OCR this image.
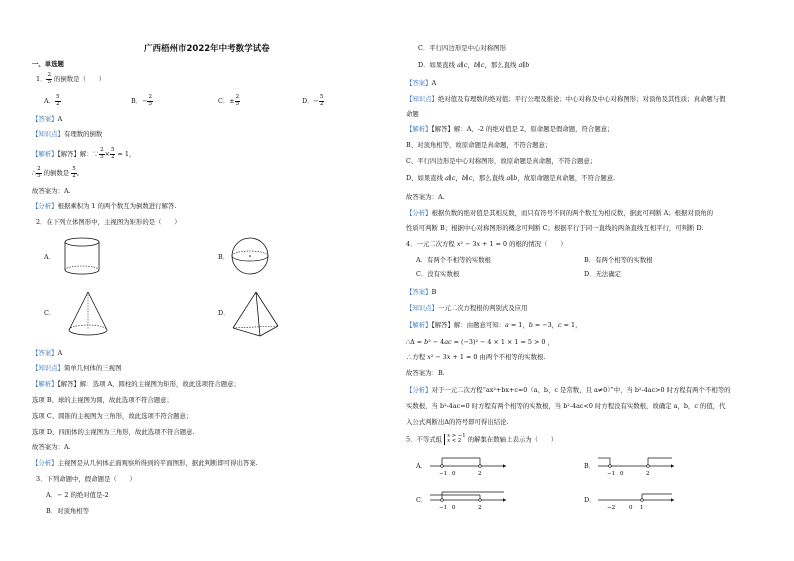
广西梧州市2022年中考数学试卷
一、单选题
1． $\frac{2}{5}$ 的倒数是（　　）
A． $\frac{5}{2}$	B．− $\frac{2}{5}$	C．± $\frac{2}{5}$	D．− $\frac{5}{2}$
【答案】A
【知识点】有理数的倒数
【解析】【解答】解：∵ $\frac{2}{5} \times \frac{5}{2} = 1$，
∴ $\frac{2}{5}$ 的倒数是 $\frac{5}{2}$ 。
故答案为：A.
【分析】根据乘积为 1 的两个数互为倒数进行解答.
2．在下列立体图形中，主视图为矩形的是（　　）
A．	B．
C．	D．
【答案】A
【知识点】简单几何体的三视图
【解析】【解答】解：选项 A、圆柱的主视图为矩形，故此选项符合题意；
选项 B、球的主视图为圆，故此选项不符合题意；
选项 C、圆锥的主视图为三角形，故此选项不符合题意；
选项 D、四面体的主视图为三角形，故此选项不符合题意.
故答案为：A.
【分析】主视图是从几何体正面观察所得到的平面图形，据此判断即可得出答案.
3．下列命题中，假命题是（　　）
A．− 2 的绝对值是-2
B．对顶角相等
C．平行四边形是中心对称图形
D．如果直线 𝑎∥𝑐，𝑏∥𝑐，那么直线 𝑎∥𝑏
【答案】A
【知识点】绝对值及有理数的绝对值；平行公理及推论；中心对称及中心对称图形；对顶角及其性质；真命题与假
命题
【解析】【解答】解：A、-2 的绝对值是 2，原命题是假命题，符合题意；
B、对顶角相等，故原命题是真命题，不符合题意；
C、平行四边形是中心对称图形，故原命题是真命题，不符合题意；
D、如果直线 𝑎∥𝑐，𝑏∥𝑐，那么直线 𝑎∥𝑏，故原命题是真命题，不符合题意.
故答案为：A.
【分析】根据负数的绝对值是其相反数，而只有符号不同的两个数互为相反数，据此可判断 A；根据对顶角的
性质可判断 B；根据中心对称图形的概念可判断 C；根据平行于同一直线的两条直线互相平行，可判断 D.
4．一元二次方程 𝑥² − 3𝑥 + 1 = 0 的根的情况（　　）
A．有两个不相等的实数根	B．有两个相等的实数根
C．没有实数根	D．无法确定
【答案】B
【知识点】一元二次方程根的判别式及应用
【解析】【解答】解：由题意可知：𝑎 = 1，𝑏 = −3，𝑐 = 1，
∴Δ = 𝑏² − 4𝑎𝑐 = (−3)² − 4 × 1 × 1 = 5 > 0 ，
∴方程 𝑥² − 3𝑥 + 1 = 0 由两个不相等的实数根.
故答案为：B.
【分析】对于一元二次方程“ax²+bx+c=0（a、b、c 是常数，且 a≠0）”中，当 b²-4ac>0 时方程有两个不相等的
实数根，当 b²-4ac=0 时方程有两个相等的实数根，当 b²-4ac<0 时方程没有实数根，故确定 a，b，c 的值，代
入公式判断出Δ的符号即可得出结论.
5．不等式组 𝑥 > −1
𝑥 < 2	的解集在数轴上表示为（　　）
A．	B．
C．	D．
−1 0	2	−1 0	2
−1 0	2	−2	0 1
